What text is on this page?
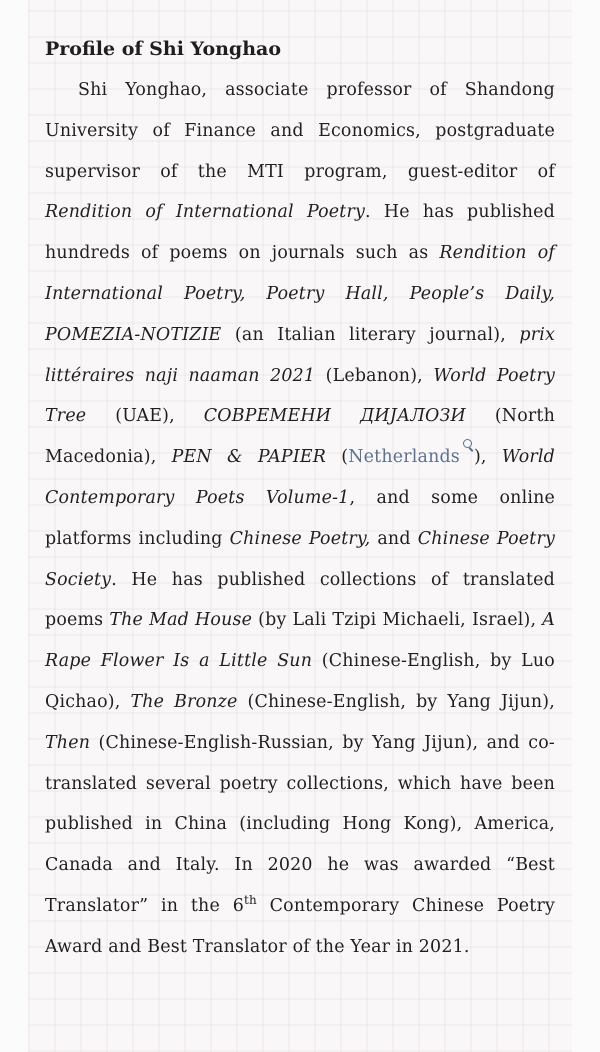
Profile of Shi Yonghao

Shi Yonghao, associate professor of Shandong University of Finance and Economics, postgraduate supervisor of the MTI program, guest-editor of Rendition of International Poetry. He has published hundreds of poems on journals such as Rendition of International Poetry, Poetry Hall, People’s Daily, POMEZIA-NOTIZIE (an Italian literary journal), prix littéraires naji naaman 2021 (Lebanon), World Poetry Tree (UAE), СОВРЕМЕНИ ДИЈАЛОЗИ (North Macedonia), PEN & PAPIER (Netherlands ), World Contemporary Poets Volume-1, and some online platforms including Chinese Poetry, and Chinese Poetry Society. He has published collections of translated poems The Mad House (by Lali Tzipi Michaeli, Israel), A Rape Flower Is a Little Sun (Chinese-English, by Luo Qichao), The Bronze (Chinese-English, by Yang Jijun), Then (Chinese-English-Russian, by Yang Jijun), and co-translated several poetry collections, which have been published in China (including Hong Kong), America, Canada and Italy. In 2020 he was awarded “Best Translator” in the 6th Contemporary Chinese Poetry Award and Best Translator of the Year in 2021.
